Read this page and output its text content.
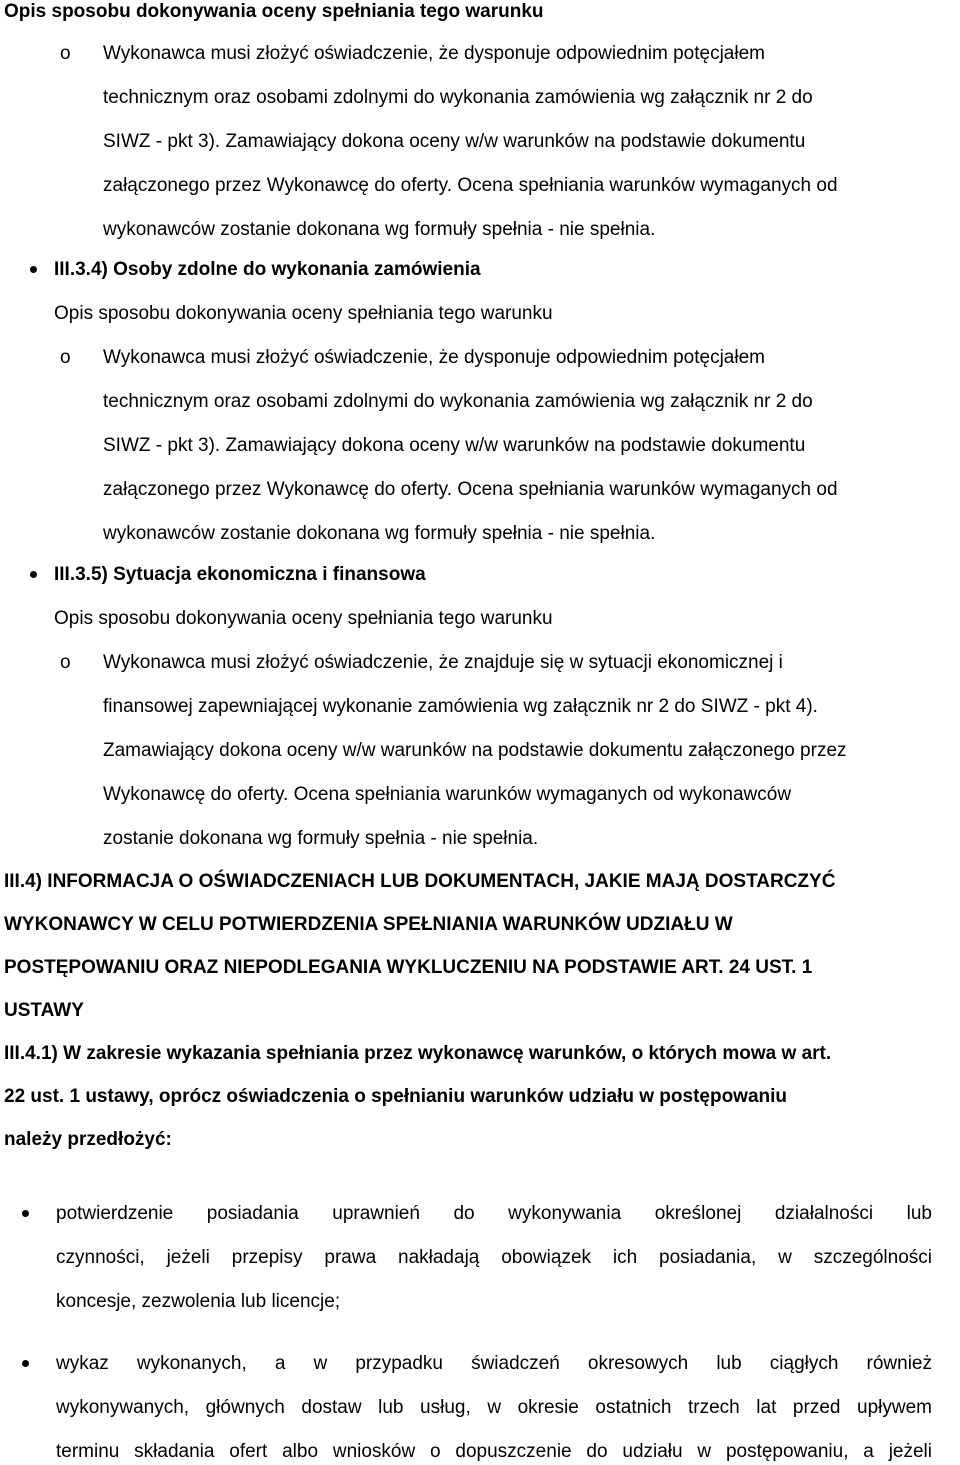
Opis sposobu dokonywania oceny spełniania tego warunku
o Wykonawca musi złożyć oświadczenie, że dysponuje odpowiednim potęcjałem
technicznym oraz osobami zdolnymi do wykonania zamówienia wg załącznik nr 2 do
SIWZ - pkt 3). Zamawiający dokona oceny w/w warunków na podstawie dokumentu
załączonego przez Wykonawcę do oferty. Ocena spełniania warunków wymaganych od
wykonawców zostanie dokonana wg formuły spełnia - nie spełnia.
III.3.4) Osoby zdolne do wykonania zamówienia
Opis sposobu dokonywania oceny spełniania tego warunku
o Wykonawca musi złożyć oświadczenie, że dysponuje odpowiednim potęcjałem
technicznym oraz osobami zdolnymi do wykonania zamówienia wg załącznik nr 2 do
SIWZ - pkt 3). Zamawiający dokona oceny w/w warunków na podstawie dokumentu
załączonego przez Wykonawcę do oferty. Ocena spełniania warunków wymaganych od
wykonawców zostanie dokonana wg formuły spełnia - nie spełnia.
III.3.5) Sytuacja ekonomiczna i finansowa
Opis sposobu dokonywania oceny spełniania tego warunku
o Wykonawca musi złożyć oświadczenie, że znajduje się w sytuacji ekonomicznej i
finansowej zapewniającej wykonanie zamówienia wg załącznik nr 2 do SIWZ - pkt 4).
Zamawiający dokona oceny w/w warunków na podstawie dokumentu załączonego przez
Wykonawcę do oferty. Ocena spełniania warunków wymaganych od wykonawców
zostanie dokonana wg formuły spełnia - nie spełnia.
III.4) INFORMACJA O OŚWIADCZENIACH LUB DOKUMENTACH, JAKIE MAJĄ DOSTARCZYĆ
WYKONAWCY W CELU POTWIERDZENIA SPEŁNIANIA WARUNKÓW UDZIAŁU W
POSTĘPOWANIU ORAZ NIEPODLEGANIA WYKLUCZENIU NA PODSTAWIE ART. 24 UST. 1
USTAWY
III.4.1) W zakresie wykazania spełniania przez wykonawcę warunków, o których mowa w art.
22 ust. 1 ustawy, oprócz oświadczenia o spełnianiu warunków udziału w postępowaniu
należy przedłożyć:
potwierdzenie posiadania uprawnień do wykonywania określonej działalności lub
czynności, jeżeli przepisy prawa nakładają obowiązek ich posiadania, w szczególności
koncesje, zezwolenia lub licencje;
wykaz wykonanych, a w przypadku świadczeń okresowych lub ciągłych również
wykonywanych, głównych dostaw lub usług, w okresie ostatnich trzech lat przed upływem
terminu składania ofert albo wniosków o dopuszczenie do udziału w postępowaniu, a jeżeli
